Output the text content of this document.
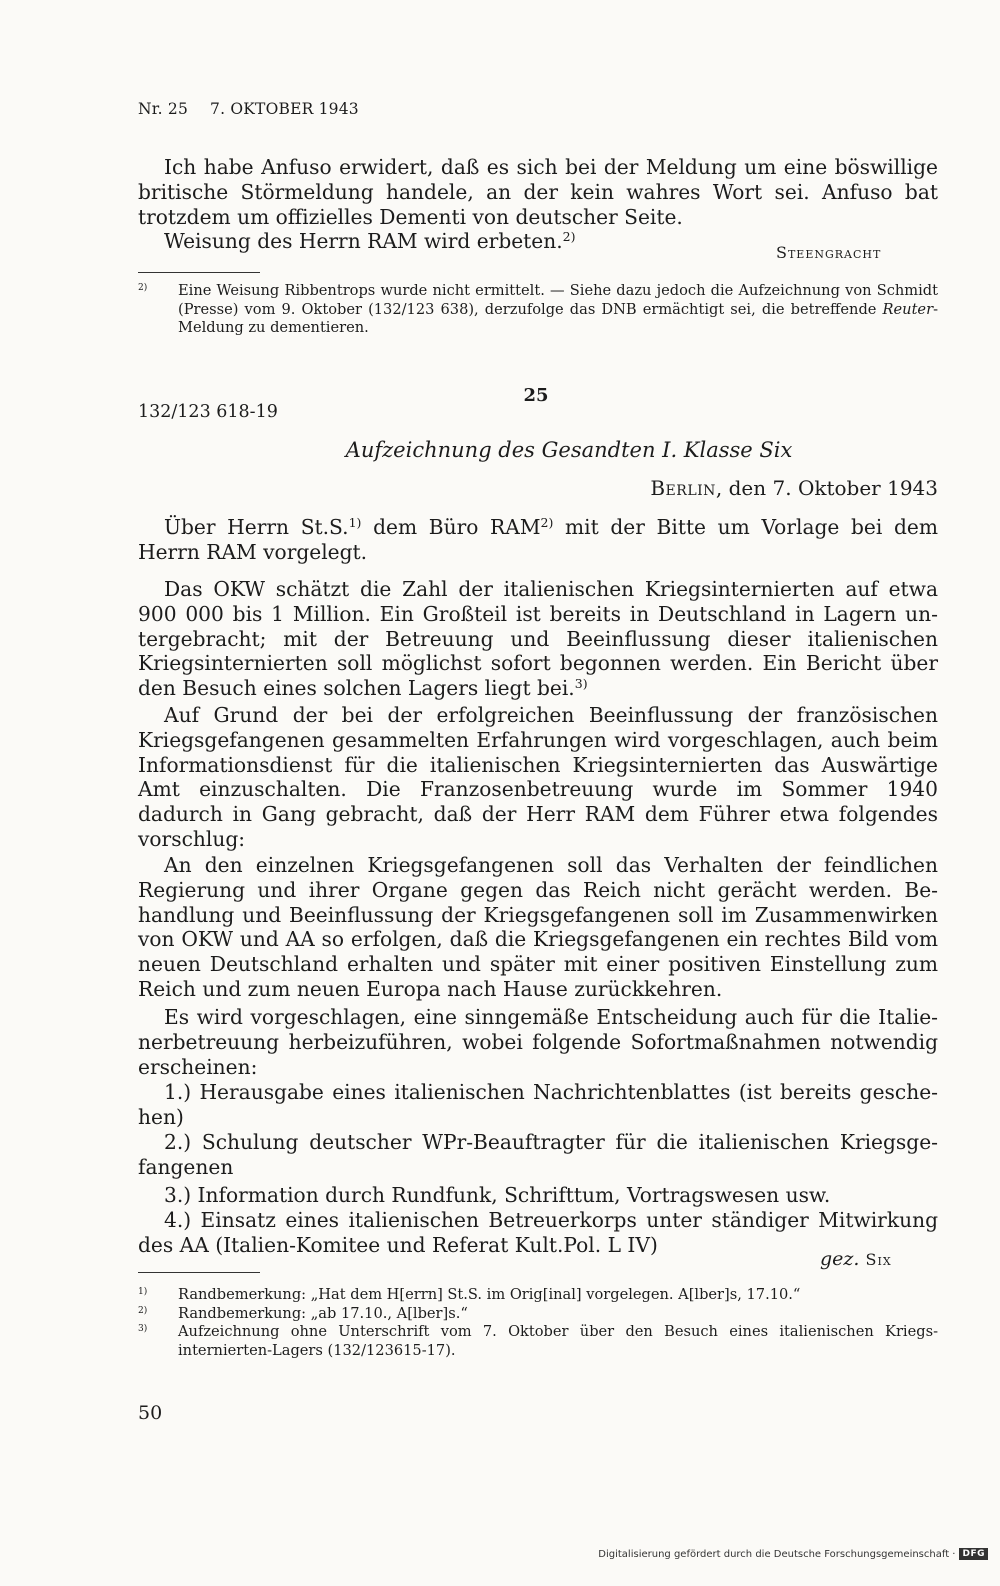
Nr. 25 7. OKTOBER 1943

Ich habe Anfuso erwidert, daß es sich bei der Meldung um eine böswillige britische Störmeldung handele, an der kein wahres Wort sei. Anfuso bat trotzdem um offizielles Dementi von deutscher Seite.

Weisung des Herrn RAM wird erbeten.$^{2)}$

Steengracht
$^{2)}$	Eine Weisung Ribbentrops wurde nicht ermittelt. — Siehe dazu jedoch die Aufzeichnung von Schmidt (Presse) vom 9. Oktober (132/123 638), derzufolge das DNB ermächtigt sei, die betreffende Reuter-Meldung zu dementieren.
25
132/123 618-19
Aufzeichnung des Gesandten I. Klasse Six
Berlin, den 7. Oktober 1943

Über Herrn St.S.$^{1)}$ dem Büro RAM$^{2)}$ mit der Bitte um Vorlage bei dem Herrn RAM vorgelegt.

Das OKW schätzt die Zahl der italienischen Kriegsinternierten auf etwa 900 000 bis 1 Million. Ein Großteil ist bereits in Deutschland in Lagern untergebracht; mit der Betreuung und Beeinflussung dieser italienischen Kriegsinternierten soll möglichst sofort begonnen werden. Ein Bericht über den Besuch eines solchen Lagers liegt bei.$^{3)}$

Auf Grund der bei der erfolgreichen Beeinflussung der französischen Kriegsgefangenen gesammelten Erfahrungen wird vorgeschlagen, auch beim Informationsdienst für die italienischen Kriegsinternierten das Auswärtige Amt einzuschalten. Die Franzosenbetreuung wurde im Sommer 1940 dadurch in Gang gebracht, daß der Herr RAM dem Führer etwa folgendes vorschlug:

An den einzelnen Kriegsgefangenen soll das Verhalten der feindlichen Regierung und ihrer Organe gegen das Reich nicht gerächt werden. Behandlung und Beeinflussung der Kriegsgefangenen soll im Zusammenwirken von OKW und AA so erfolgen, daß die Kriegsgefangenen ein rechtes Bild vom neuen Deutschland erhalten und später mit einer positiven Einstellung zum Reich und zum neuen Europa nach Hause zurückkehren.

Es wird vorgeschlagen, eine sinngemäße Entscheidung auch für die Italienerbetreuung herbeizuführen, wobei folgende Sofortmaßnahmen notwendig erscheinen:

1.) Herausgabe eines italienischen Nachrichtenblattes (ist bereits geschehen)

2.) Schulung deutscher WPr-Beauftragter für die italienischen Kriegsgefangenen

3.) Information durch Rundfunk, Schrifttum, Vortragswesen usw.

4.) Einsatz eines italienischen Betreuerkorps unter ständiger Mitwirkung des AA (Italien-Komitee und Referat Kult.Pol. L IV)

gez. Six
$^{1)}$	Randbemerkung: „Hat dem H[errn] St.S. im Orig[inal] vorgelegen. A[lber]s, 17.10.“
$^{2)}$	Randbemerkung: „ab 17.10., A[lber]s.“
$^{3)}$	Aufzeichnung ohne Unterschrift vom 7. Oktober über den Besuch eines italienischen Kriegsinternierten-Lagers (132/123615-17).
50
Digitalisierung gefördert durch die Deutsche Forschungsgemeinschaft · DFG
